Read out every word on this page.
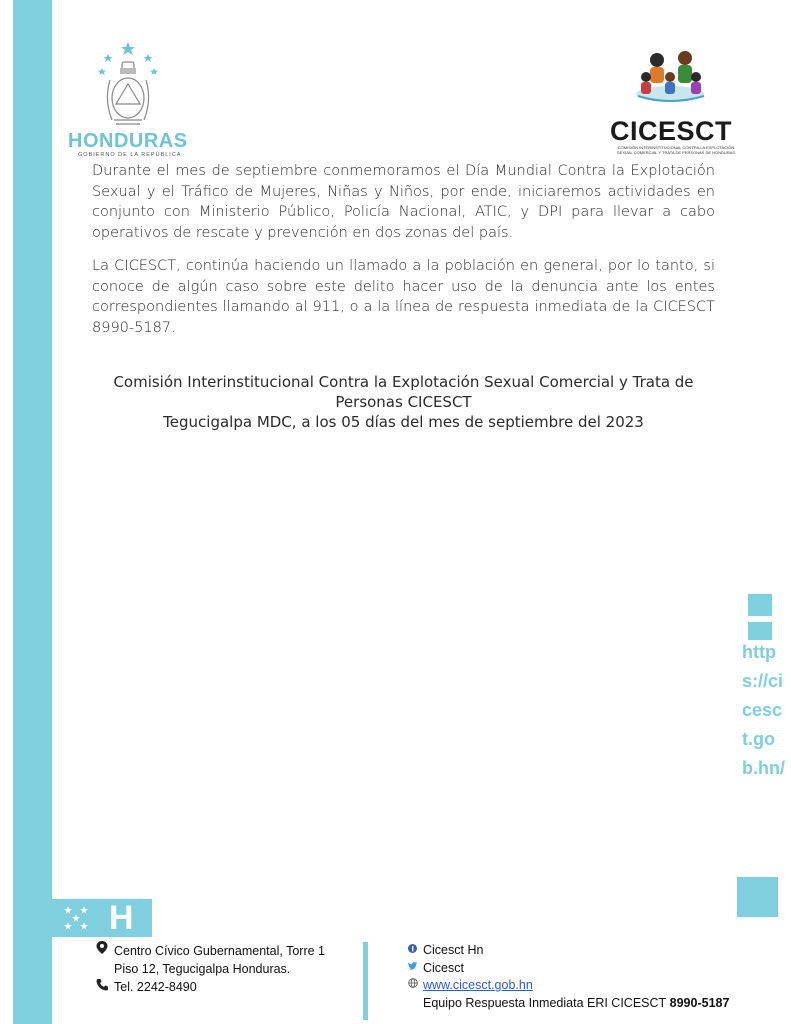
HONDURAS
GOBIERNO DE LA REPÚBLICA
CICESCT
COMISIÓN INTERINSTITUCIONAL CONTRA LA EXPLOTACIÓN SEXUAL COMERCIAL Y TRATA DE PERSONAS DE HONDURAS
Durante el mes de septiembre conmemoramos el Día Mundial Contra la Explotación Sexual y el Tráfico de Mujeres, Niñas y Niños, por ende, iniciaremos actividades en conjunto con Ministerio Público, Policía Nacional, ATIC, y DPI para llevar a cabo operativos de rescate y prevención en dos zonas del país.
La CICESCT, continúa haciendo un llamado a la población en general, por lo tanto, si conoce de algún caso sobre este delito hacer uso de la denuncia ante los entes correspondientes llamando al 911, o a la línea de respuesta inmediata de la CICESCT 8990-5187.
Comisión Interinstitucional Contra la Explotación Sexual Comercial y Trata de Personas CICESCT
Tegucigalpa MDC, a los 05 días del mes de septiembre del 2023
https://cicesct.gob.hn/
H
Centro Cívico Gubernamental, Torre 1
Piso 12, Tegucigalpa Honduras.
Tel. 2242-8490
Cicesct Hn
Cicesct
www.cicesct.gob.hn
Equipo Respuesta Inmediata ERI CICESCT
8990-5187
